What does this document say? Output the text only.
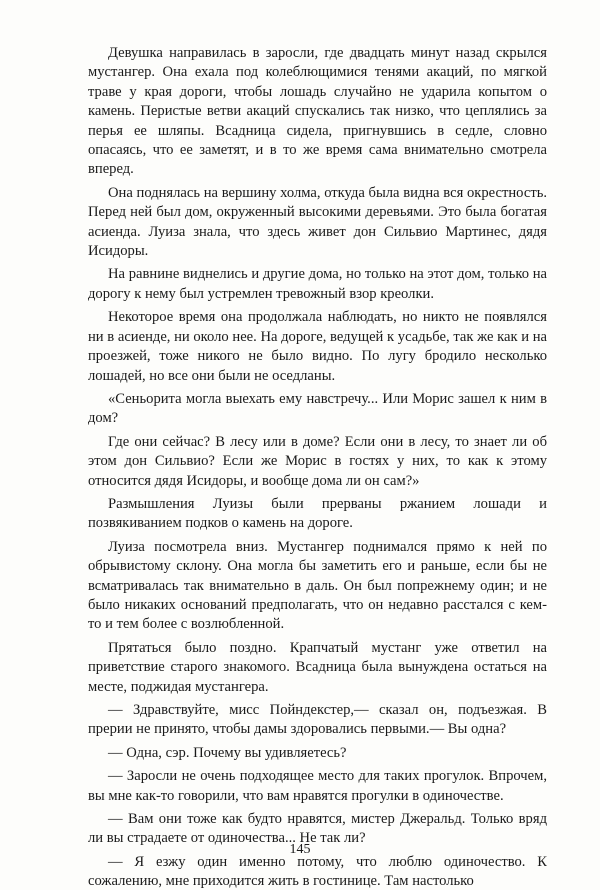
Девушка направилась в заросли, где двадцать минут назад скрылся мустангер. Она ехала под колеблющимися тенями акаций, по мягкой траве у края дороги, чтобы лошадь случайно не ударила копытом о камень. Перистые ветви акаций спускались так низко, что цеплялись за перья ее шляпы. Всадница сидела, пригнувшись в седле, словно опасаясь, что ее заметят, и в то же время сама внимательно смотрела вперед.

Она поднялась на вершину холма, откуда была видна вся окрестность. Перед ней был дом, окруженный высокими деревьями. Это была богатая асиенда. Луиза знала, что здесь живет дон Сильвио Мартинес, дядя Исидоры.

На равнине виднелись и другие дома, но только на этот дом, только на дорогу к нему был устремлен тревожный взор креолки.

Некоторое время она продолжала наблюдать, но никто не появлялся ни в асиенде, ни около нее. На дороге, ведущей к усадьбе, так же как и на проезжей, тоже никого не было видно. По лугу бродило несколько лошадей, но все они были не оседланы.

«Сеньорита могла выехать ему навстречу... Или Морис зашел к ним в дом?

Где они сейчас? В лесу или в доме? Если они в лесу, то знает ли об этом дон Сильвио? Если же Морис в гостях у них, то как к этому относится дядя Исидоры, и вообще дома ли он сам?»

Размышления Луизы были прерваны ржанием лошади и позвякиванием подков о камень на дороге.

Луиза посмотрела вниз. Мустангер поднимался прямо к ней по обрывистому склону. Она могла бы заметить его и раньше, если бы не всматривалась так внимательно в даль. Он был попрежнему один; и не было никаких оснований предполагать, что он недавно расстался с кем-то и тем более с возлюбленной.

Прятаться было поздно. Крапчатый мустанг уже ответил на приветствие старого знакомого. Всадница была вынуждена остаться на месте, поджидая мустангера.

— Здравствуйте, мисс Пойндекстер,— сказал он, подъезжая. В прерии не принято, чтобы дамы здоровались первыми.— Вы одна?

— Одна, сэр. Почему вы удивляетесь?

— Заросли не очень подходящее место для таких прогулок. Впрочем, вы мне как-то говорили, что вам нравятся прогулки в одиночестве.

— Вам они тоже как будто нравятся, мистер Джеральд. Только вряд ли вы страдаете от одиночества... Не так ли?

— Я езжу один именно потому, что люблю одиночество. К сожалению, мне приходится жить в гостинице. Там настолько

145
